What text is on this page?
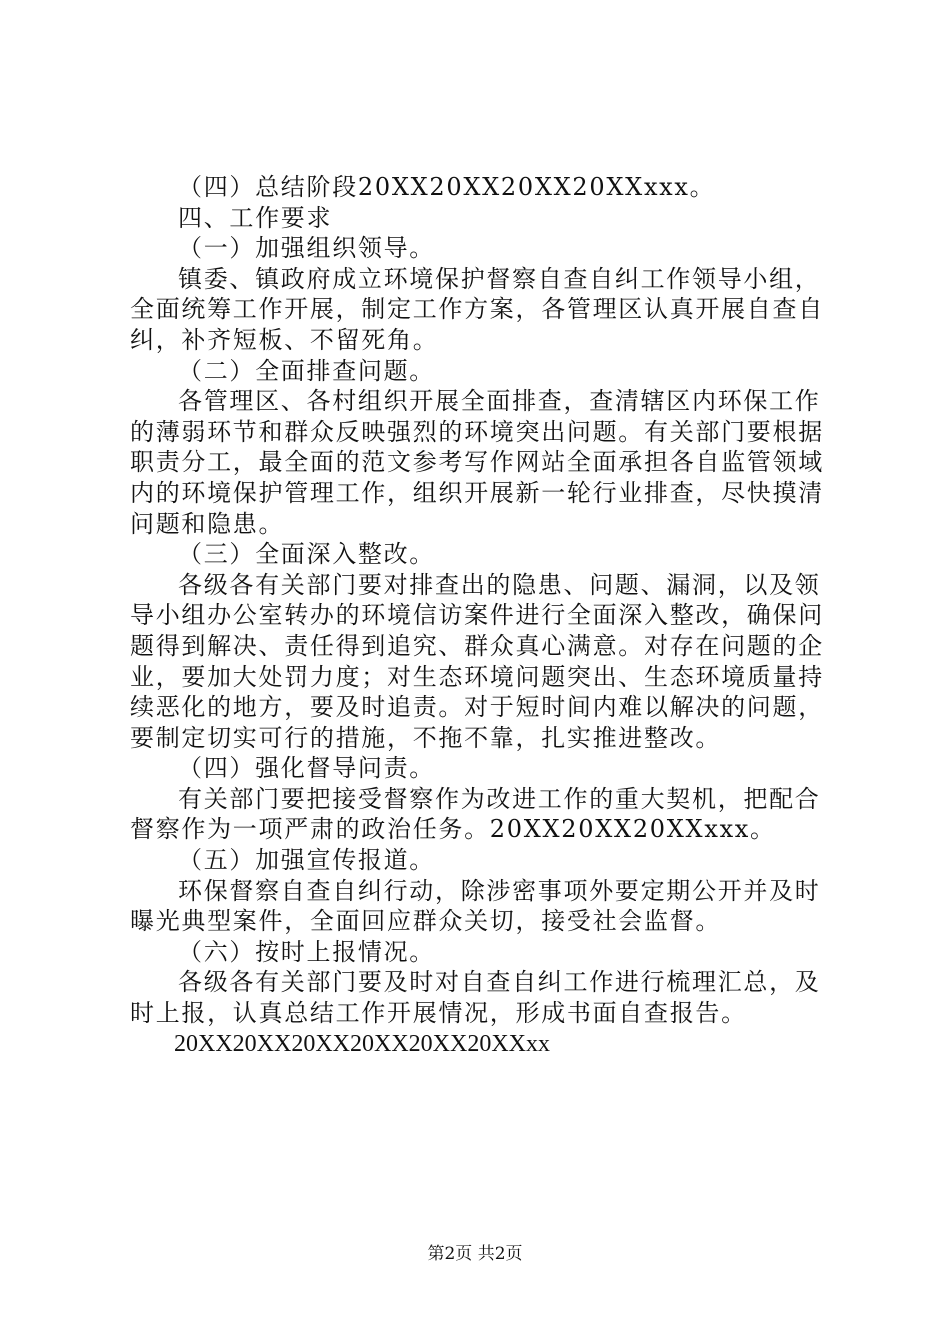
（四）总结阶段20XX20XX20XX20XXxxx。
四、工作要求
（一）加强组织领导。
镇委、镇政府成立环境保护督察自查自纠工作领导小组，
全面统筹工作开展，制定工作方案，各管理区认真开展自查自
纠，补齐短板、不留死角。
（二）全面排查问题。
各管理区、各村组织开展全面排查，查清辖区内环保工作
的薄弱环节和群众反映强烈的环境突出问题。有关部门要根据
职责分工，最全面的范文参考写作网站全面承担各自监管领域
内的环境保护管理工作，组织开展新一轮行业排查，尽快摸清
问题和隐患。
（三）全面深入整改。
各级各有关部门要对排查出的隐患、问题、漏洞，以及领
导小组办公室转办的环境信访案件进行全面深入整改，确保问
题得到解决、责任得到追究、群众真心满意。对存在问题的企
业，要加大处罚力度；对生态环境问题突出、生态环境质量持
续恶化的地方，要及时追责。对于短时间内难以解决的问题，
要制定切实可行的措施，不拖不靠，扎实推进整改。
（四）强化督导问责。
有关部门要把接受督察作为改进工作的重大契机，把配合
督察作为一项严肃的政治任务。20XX20XX20XXxxx。
（五）加强宣传报道。
环保督察自查自纠行动，除涉密事项外要定期公开并及时
曝光典型案件，全面回应群众关切，接受社会监督。
（六）按时上报情况。
各级各有关部门要及时对自查自纠工作进行梳理汇总，及
时上报，认真总结工作开展情况，形成书面自查报告。
20XX20XX20XX20XX20XX20XXxx
第2页 共2页
